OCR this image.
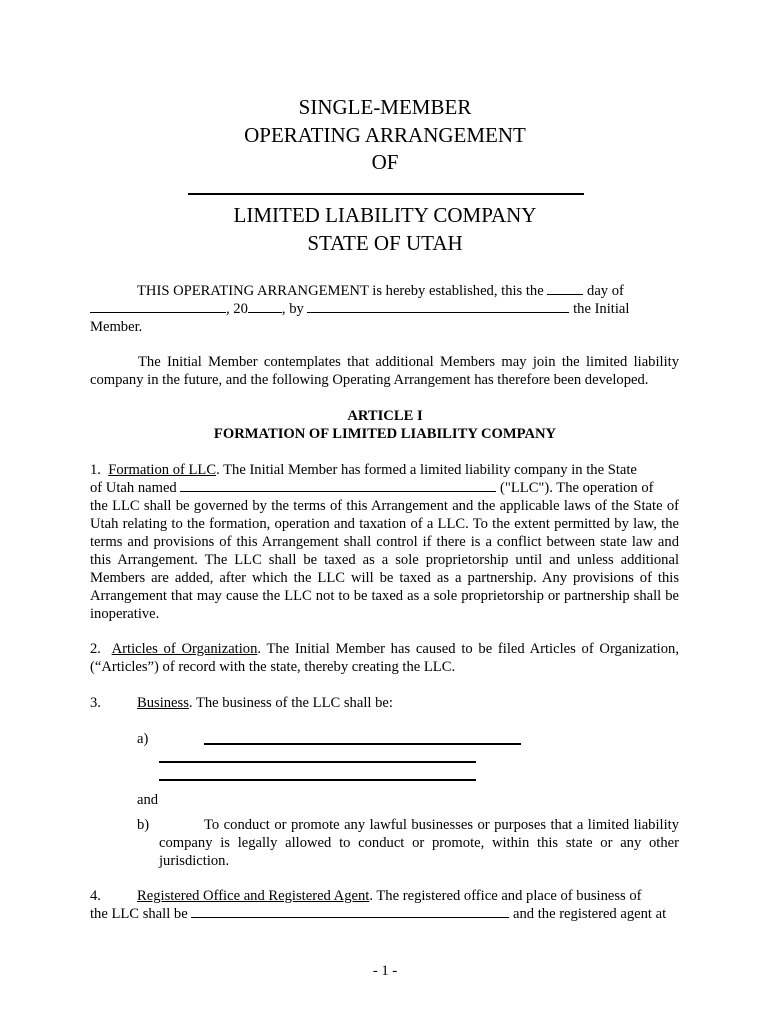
SINGLE-MEMBER
OPERATING ARRANGEMENT
OF
LIMITED LIABILITY COMPANY
STATE OF UTAH
THIS OPERATING ARRANGEMENT is hereby established, this the	day of
, 20 , by	the Initial
Member.
The Initial Member contemplates that additional Members may join the limited liability company in the future, and the following Operating Arrangement has therefore been developed.
ARTICLE I
FORMATION OF LIMITED LIABILITY COMPANY
1. Formation of LLC. The Initial Member has formed a limited liability company in the State
of Utah named	("LLC"). The operation of
the LLC shall be governed by the terms of this Arrangement and the applicable laws of the State of Utah relating to the formation, operation and taxation of a LLC. To the extent permitted by law, the terms and provisions of this Arrangement shall control if there is a conflict between state law and this Arrangement. The LLC shall be taxed as a sole proprietorship until and unless additional Members are added, after which the LLC will be taxed as a partnership. Any provisions of this Arrangement that may cause the LLC not to be taxed as a sole proprietorship or partnership shall be inoperative.
2. Articles of Organization. The Initial Member has caused to be filed Articles of Organization, (“Articles”) of record with the state, thereby creating the LLC.
3. Business. The business of the LLC shall be:
a)
and
b)	To conduct or promote any lawful businesses or purposes that a limited liability company is legally allowed to conduct or promote, within this state or any other jurisdiction.
4. Registered Office and Registered Agent. The registered office and place of business of
the LLC shall be	and the registered agent at
- 1 -
